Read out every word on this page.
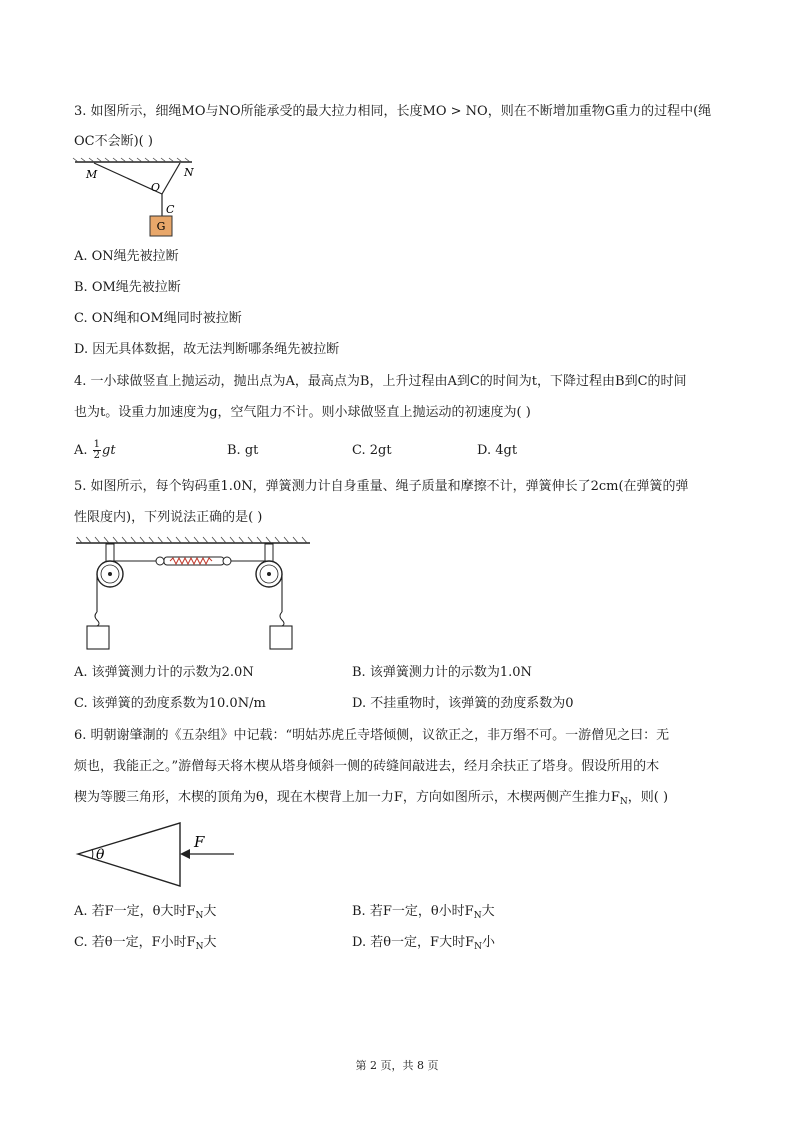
3. 如图所示，细绳MO与NO所能承受的最大拉力相同，长度MO > NO，则在不断增加重物G重力的过程中(绳
OC不会断)( )
M	N
O
C
G
A. ON绳先被拉断
B. OM绳先被拉断
C. ON绳和OM绳同时被拉断
D. 因无具体数据，故无法判断哪条绳先被拉断
4. 一小球做竖直上抛运动，抛出点为A，最高点为B，上升过程由A到C的时间为t，下降过程由B到C的时间
也为t。设重力加速度为g，空气阻力不计。则小球做竖直上抛运动的初速度为( )
A. $\frac{1}{2}$ gt	B. gt	C. 2gt	D. 4gt
5. 如图所示，每个钩码重1.0N，弹簧测力计自身重量、绳子质量和摩擦不计，弹簧伸长了2cm(在弹簧的弹
性限度内)，下列说法正确的是( )
A. 该弹簧测力计的示数为2.0N	B. 该弹簧测力计的示数为1.0N
C. 该弹簧的劲度系数为10.0N/m	D. 不挂重物时，该弹簧的劲度系数为0
6. 明朝谢肇淛的《五杂组》中记载：“明姑苏虎丘寺塔倾侧，议欲正之，非万缗不可。一游僧见之曰：无
烦也，我能正之。”游僧每天将木楔从塔身倾斜一侧的砖缝间敲进去，经月余扶正了塔身。假设所用的木
楔为等腰三角形，木楔的顶角为θ，现在木楔背上加一力F，方向如图所示，木楔两侧产生推力$F_N$，则( )
θ
F
A. 若F一定，θ大时$F_N$大	B. 若F一定，θ小时$F_N$大
C. 若θ一定，F小时$F_N$大	D. 若θ一定，F大时$F_N$小
第 2 页，共 8 页
